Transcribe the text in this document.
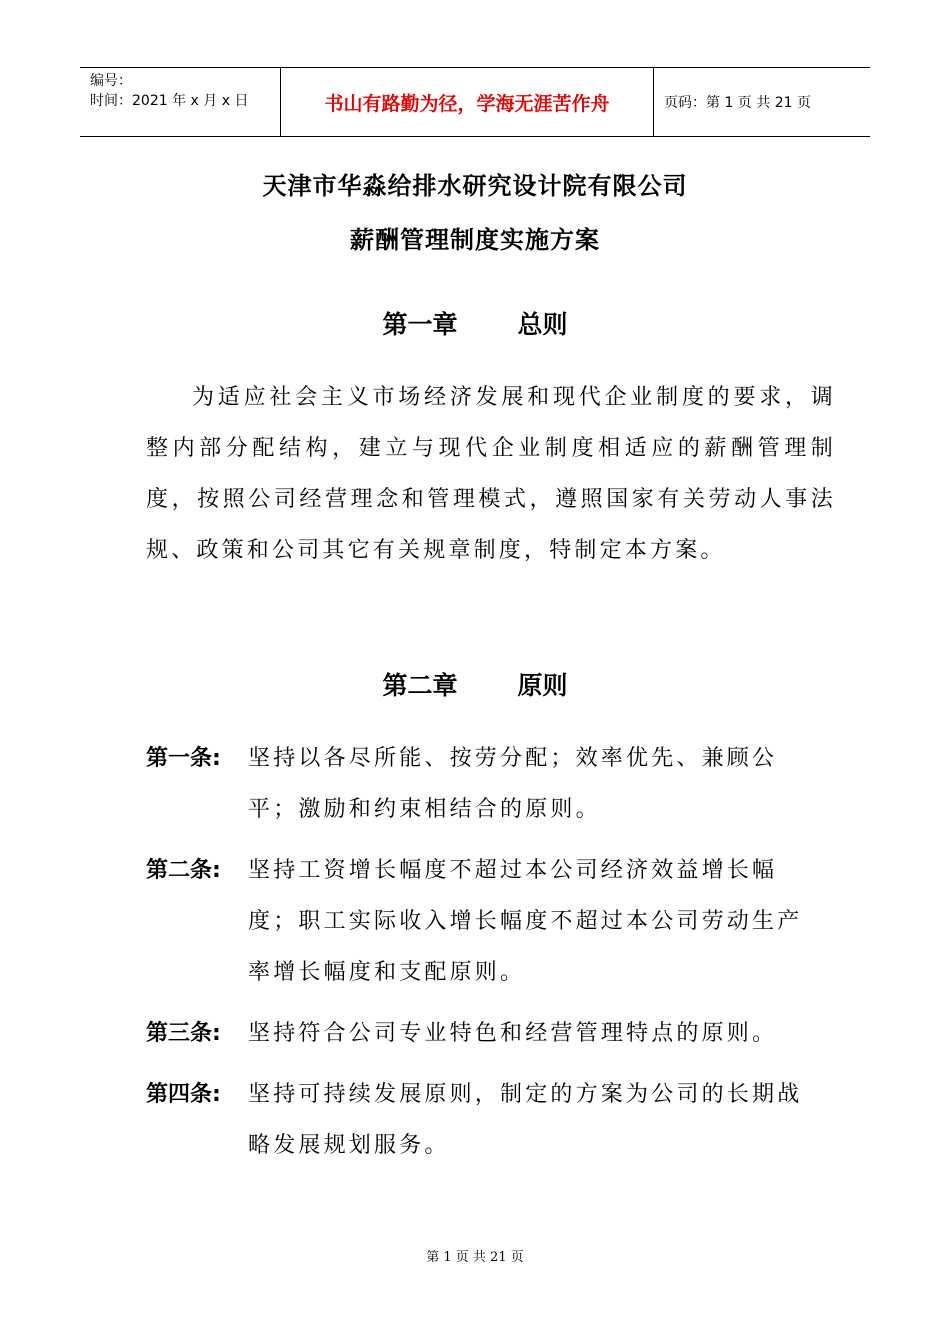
编号：
时间：2021 年 x 月 x 日	书山有路勤为径，学海无涯苦作舟	页码：第 1 页 共 21 页
天津市华淼给排水研究设计院有限公司
薪酬管理制度实施方案
第一章 总则
为适应社会主义市场经济发展和现代企业制度的要求，调整内部分配结构，建立与现代企业制度相适应的薪酬管理制度，按照公司经营理念和管理模式，遵照国家有关劳动人事法规、政策和公司其它有关规章制度，特制定本方案。
第二章 原则
第一条: 坚持以各尽所能、按劳分配；效率优先、兼顾公平；激励和约束相结合的原则。
第二条: 坚持工资增长幅度不超过本公司经济效益增长幅度；职工实际收入增长幅度不超过本公司劳动生产率增长幅度和支配原则。
第三条: 坚持符合公司专业特色和经营管理特点的原则。
第四条: 坚持可持续发展原则，制定的方案为公司的长期战略发展规划服务。
第 1 页 共 21 页
